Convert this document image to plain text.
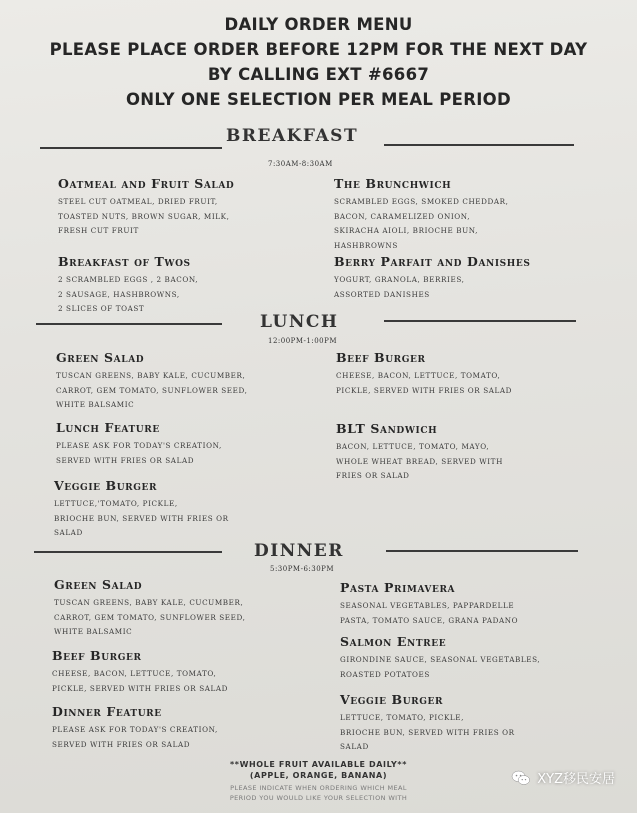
DAILY ORDER MENU
PLEASE PLACE ORDER BEFORE 12PM FOR THE NEXT DAY
BY CALLING EXT #6667
ONLY ONE SELECTION PER MEAL PERIOD
BREAKFAST
7:30AM-8:30AM
Oatmeal and Fruit Salad
STEEL CUT OATMEAL, DRIED FRUIT,
TOASTED NUTS, BROWN SUGAR, MILK,
FRESH CUT FRUIT
The Brunchwich
SCRAMBLED EGGS, SMOKED CHEDDAR,
BACON, CARAMELIZED ONION,
SKIRACHA AIOLI, BRIOCHE BUN,
HASHBROWNS
Breakfast of Twos
2 SCRAMBLED EGGS , 2 BACON,
2 SAUSAGE, HASHBROWNS,
2 SLICES OF TOAST
Berry Parfait and Danishes
YOGURT, GRANOLA, BERRIES,
ASSORTED DANISHES
LUNCH
12:00PM-1:00PM
Green Salad
TUSCAN GREENS, BABY KALE, CUCUMBER,
CARROT, GEM TOMATO, SUNFLOWER SEED,
WHITE BALSAMIC
Beef Burger
CHEESE, BACON, LETTUCE, TOMATO,
PICKLE, SERVED WITH FRIES OR SALAD
Lunch Feature
PLEASE ASK FOR TODAY'S CREATION,
SERVED WITH FRIES OR SALAD
BLT Sandwich
BACON, LETTUCE, TOMATO, MAYO,
WHOLE WHEAT BREAD, SERVED WITH
FRIES OR SALAD
Veggie Burger
LETTUCE,'TOMATO, PICKLE,
BRIOCHE BUN, SERVED WITH FRIES OR
SALAD
DINNER
5:30PM-6:30PM
Green Salad
TUSCAN GREENS, BABY KALE, CUCUMBER,
CARROT, GEM TOMATO, SUNFLOWER SEED,
WHITE BALSAMIC
Pasta Primavera
SEASONAL VEGETABLES, PAPPARDELLE
PASTA, TOMATO SAUCE, GRANA PADANO
Salmon Entree
GIRONDINE SAUCE, SEASONAL VEGETABLES,
ROASTED POTATOES
Beef Burger
CHEESE, BACON, LETTUCE, TOMATO,
PICKLE, SERVED WITH FRIES OR SALAD
Veggie Burger
LETTUCE, TOMATO, PICKLE,
BRIOCHE BUN, SERVED WITH FRIES OR
SALAD
Dinner Feature
PLEASE ASK FOR TODAY'S CREATION,
SERVED WITH FRIES OR SALAD
**WHOLE FRUIT AVAILABLE DAILY**
(APPLE, ORANGE, BANANA)
PLEASE INDICATE WHEN ORDERING WHICH MEAL
PERIOD YOU WOULD LIKE YOUR SELECTION WITH
XYZ移民安居
